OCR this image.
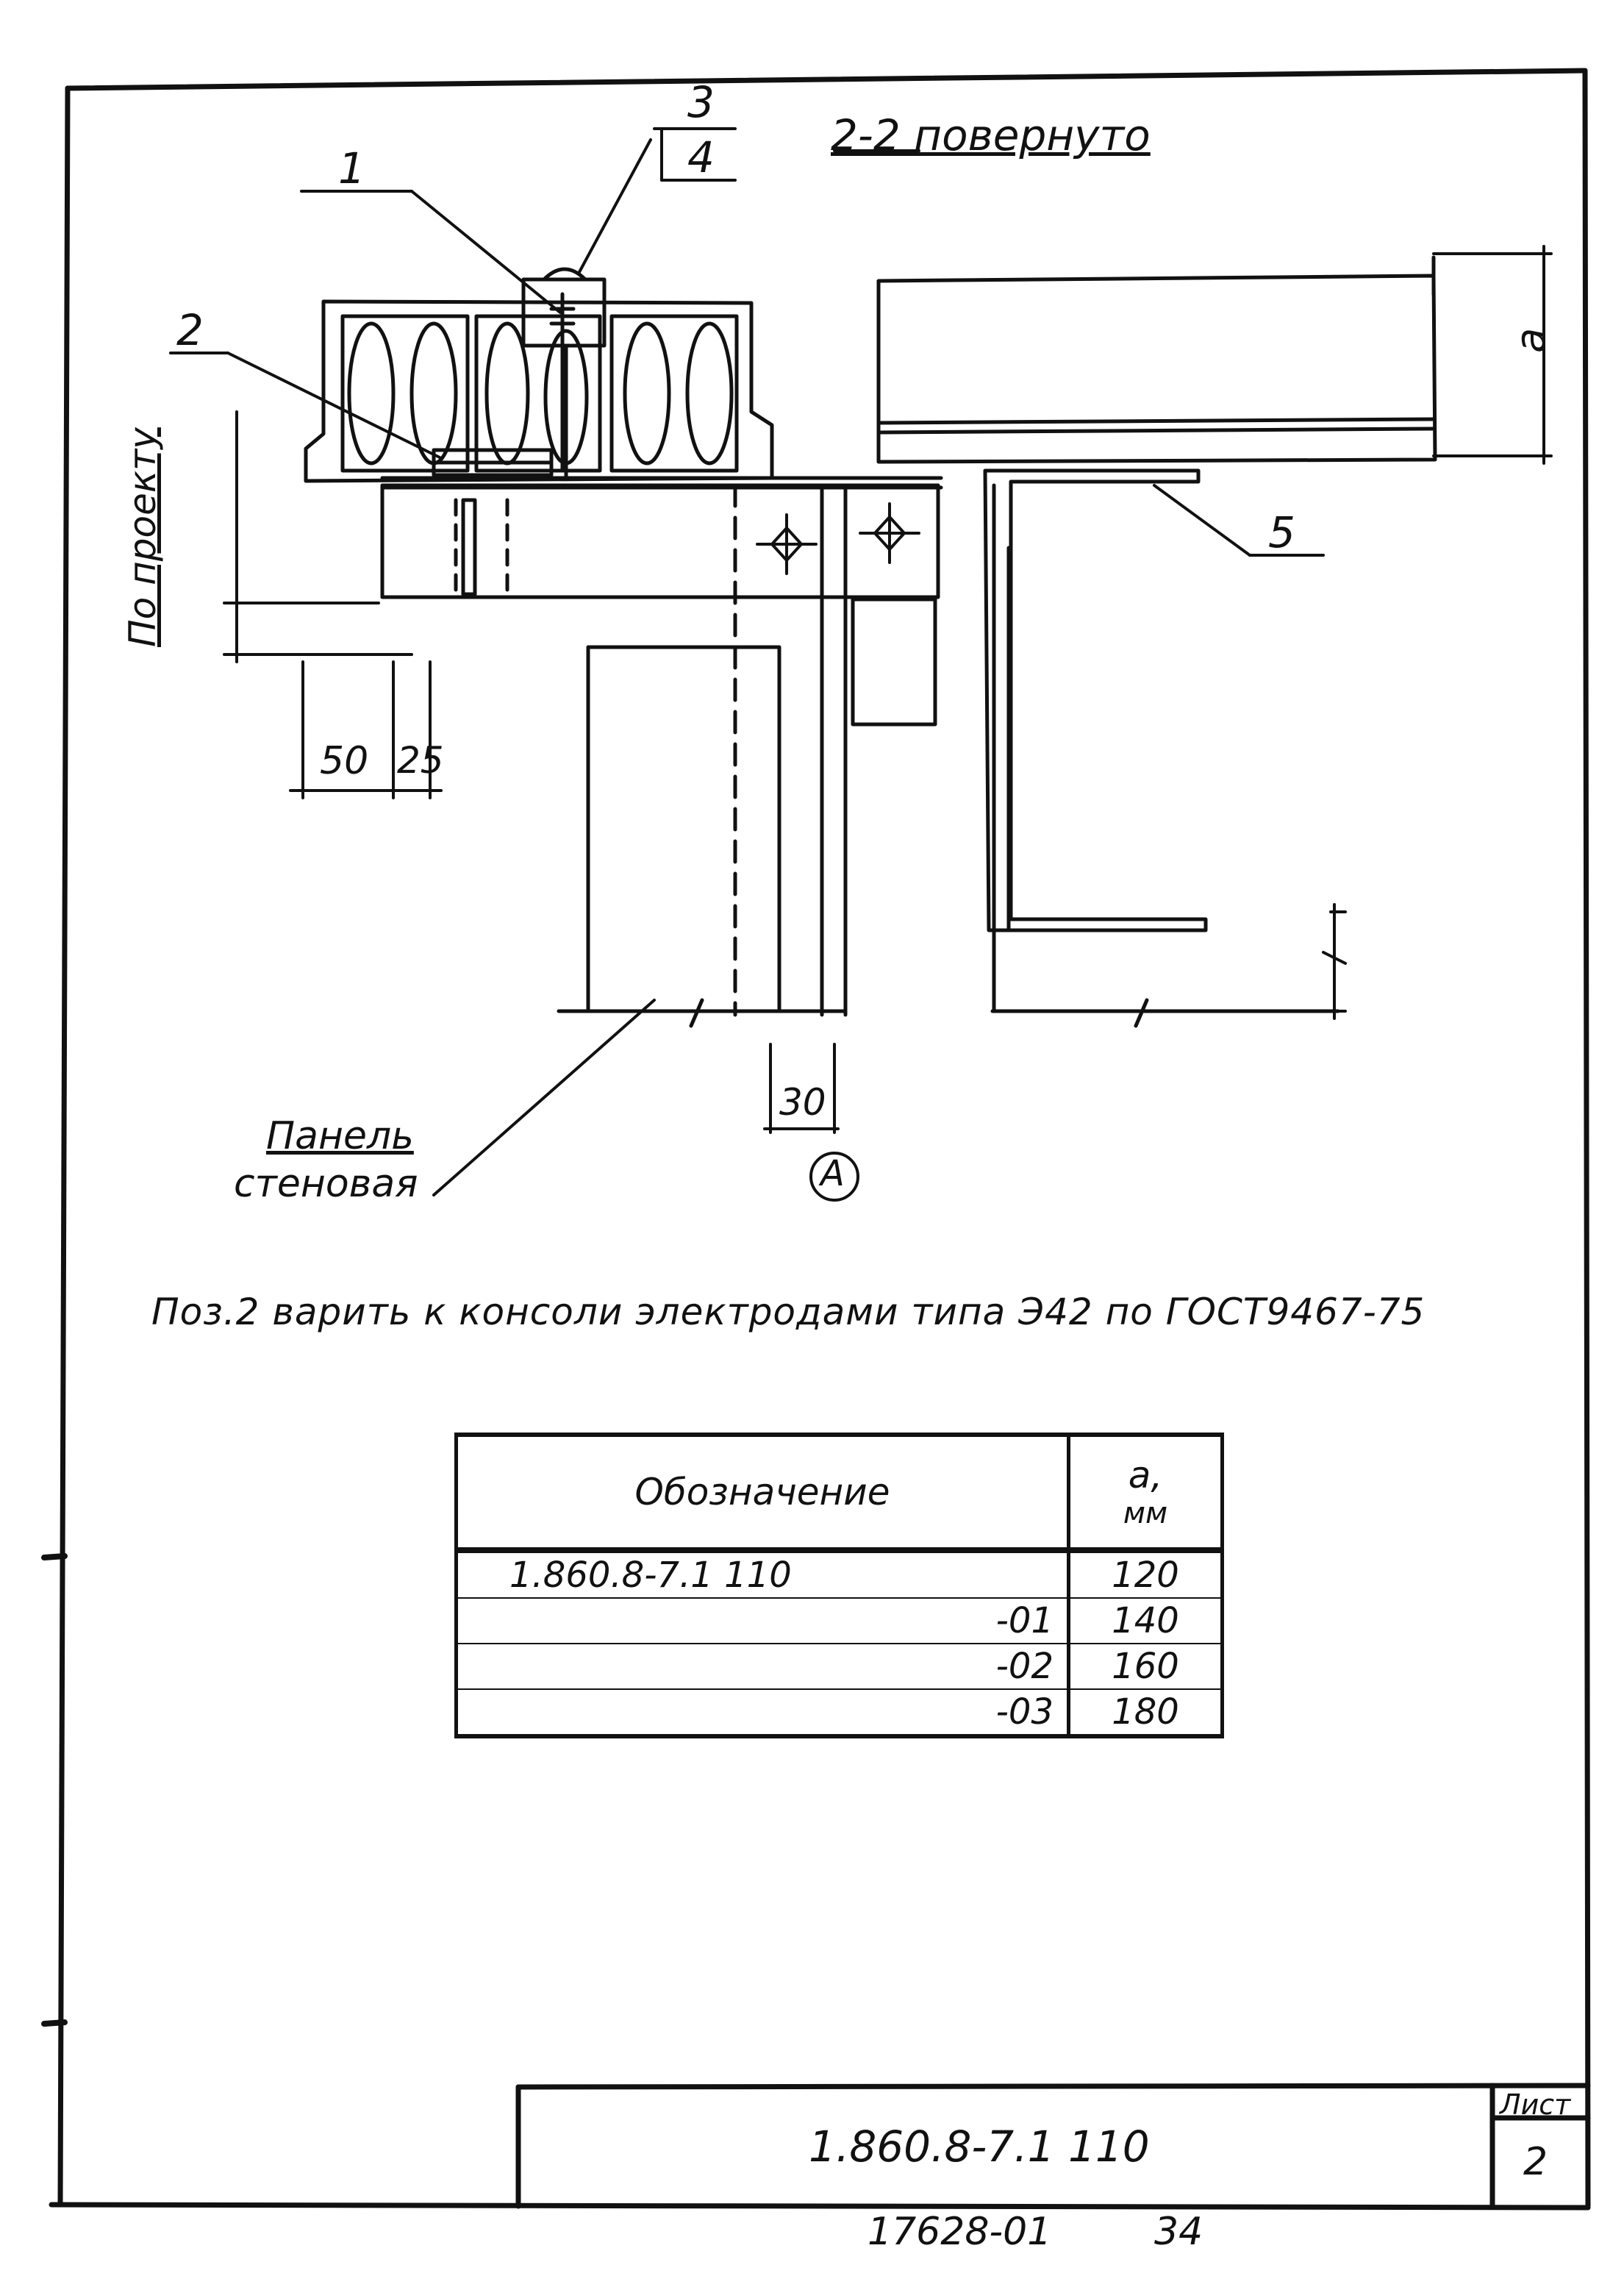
2-2 повернуто
1
2
3
4
5
А
По проекту
50 25
30
а
Панель
стеновая
Поз.2 варить к консоли электродами типа Э42 по ГОСТ9467-75
Обозначение	а,
мм

1.860.8-7.1 110	120
-01	140
-02	160
-03	180
1.860.8-7.1 110
Лист
2
17628-01	34
